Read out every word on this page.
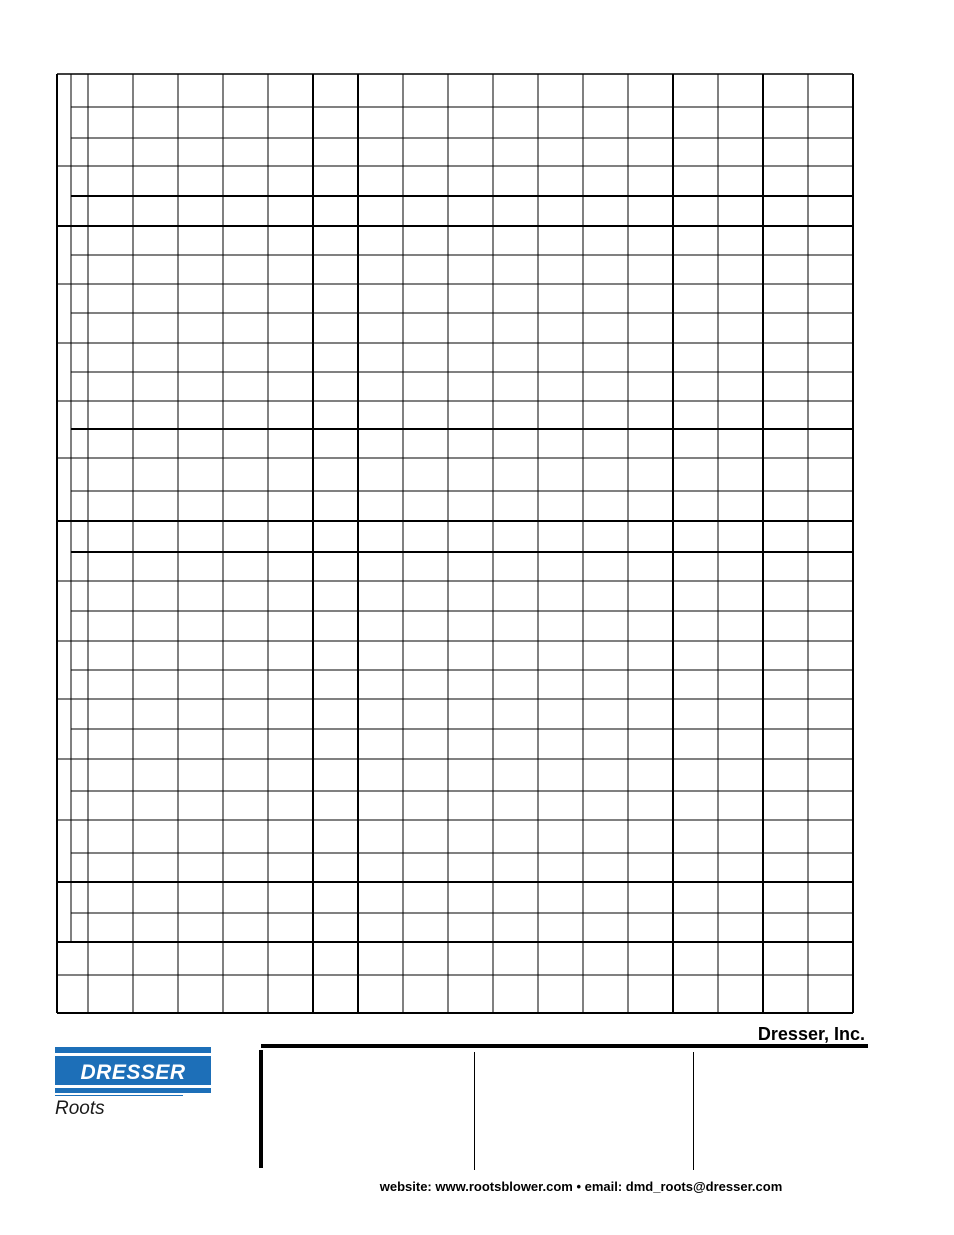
DRESSER
Roots
Dresser, Inc.
website: www.rootsblower.com • email: dmd_roots@dresser.com
